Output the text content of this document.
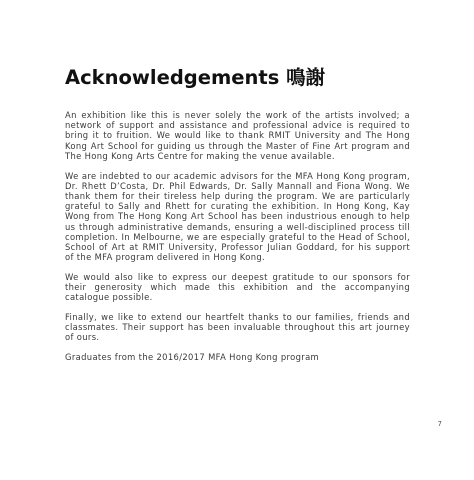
Acknowledgements 鳴謝

An exhibition like this is never solely the work of the artists involved; a network of support and assistance and professional advice is required to bring it to fruition. We would like to thank RMIT University and The Hong Kong Art School for guiding us through the Master of Fine Art program and The Hong Kong Arts Centre for making the venue available.

We are indebted to our academic advisors for the MFA Hong Kong program, Dr. Rhett D’Costa, Dr. Phil Edwards, Dr. Sally Mannall and Fiona Wong. We thank them for their tireless help during the program. We are particularly grateful to Sally and Rhett for curating the exhibition. In Hong Kong, Kay Wong from The Hong Kong Art School has been industrious enough to help us through administrative demands, ensuring a well-disciplined process till completion. In Melbourne, we are especially grateful to the Head of School, School of Art at RMIT University, Professor Julian Goddard, for his support of the MFA program delivered in Hong Kong.

We would also like to express our deepest gratitude to our sponsors for their generosity which made this exhibition and the accompanying catalogue possible.

Finally, we like to extend our heartfelt thanks to our families, friends and classmates. Their support has been invaluable throughout this art journey of ours.

Graduates from the 2016/2017 MFA Hong Kong program

7
